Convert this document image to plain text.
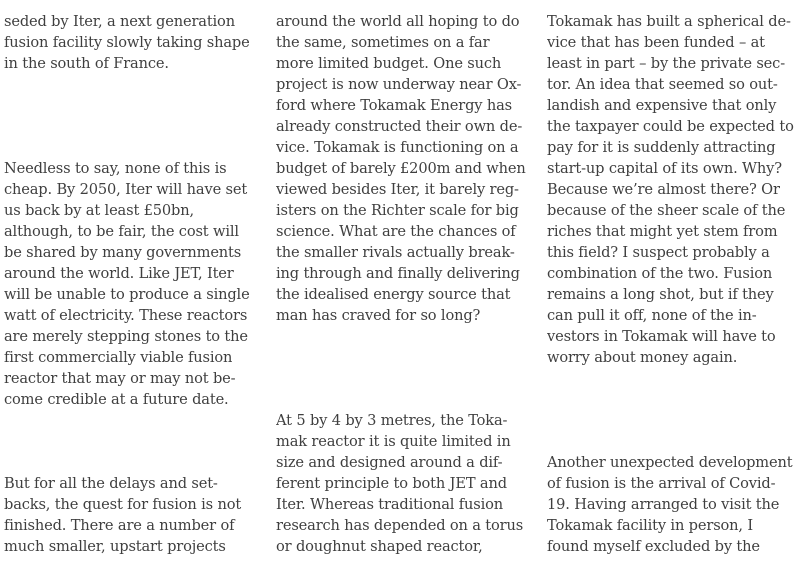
seded by Iter, a next generation
fusion facility slowly taking shape
in the south of France.

Needless to say, none of this is
cheap. By 2050, Iter will have set
us back by at least £50bn,
although, to be fair, the cost will
be shared by many governments
around the world. Like JET, Iter
will be unable to produce a single
watt of electricity. These reactors
are merely stepping stones to the
first commercially viable fusion
reactor that may or may not be-
come credible at a future date.

But for all the delays and set-
backs, the quest for fusion is not
finished. There are a number of
much smaller, upstart projects

around the world all hoping to do
the same, sometimes on a far
more limited budget. One such
project is now underway near Ox-
ford where Tokamak Energy has
already constructed their own de-
vice. Tokamak is functioning on a
budget of barely £200m and when
viewed besides Iter, it barely reg-
isters on the Richter scale for big
science. What are the chances of
the smaller rivals actually break-
ing through and finally delivering
the idealised energy source that
man has craved for so long?

At 5 by 4 by 3 metres, the Toka-
mak reactor it is quite limited in
size and designed around a dif-
ferent principle to both JET and
Iter. Whereas traditional fusion
research has depended on a torus
or doughnut shaped reactor,

Tokamak has built a spherical de-
vice that has been funded – at
least in part – by the private sec-
tor. An idea that seemed so out-
landish and expensive that only
the taxpayer could be expected to
pay for it is suddenly attracting
start-up capital of its own. Why?
Because we’re almost there? Or
because of the sheer scale of the
riches that might yet stem from
this field? I suspect probably a
combination of the two. Fusion
remains a long shot, but if they
can pull it off, none of the in-
vestors in Tokamak will have to
worry about money again.

Another unexpected development
of fusion is the arrival of Covid-
19. Having arranged to visit the
Tokamak facility in person, I
found myself excluded by the
